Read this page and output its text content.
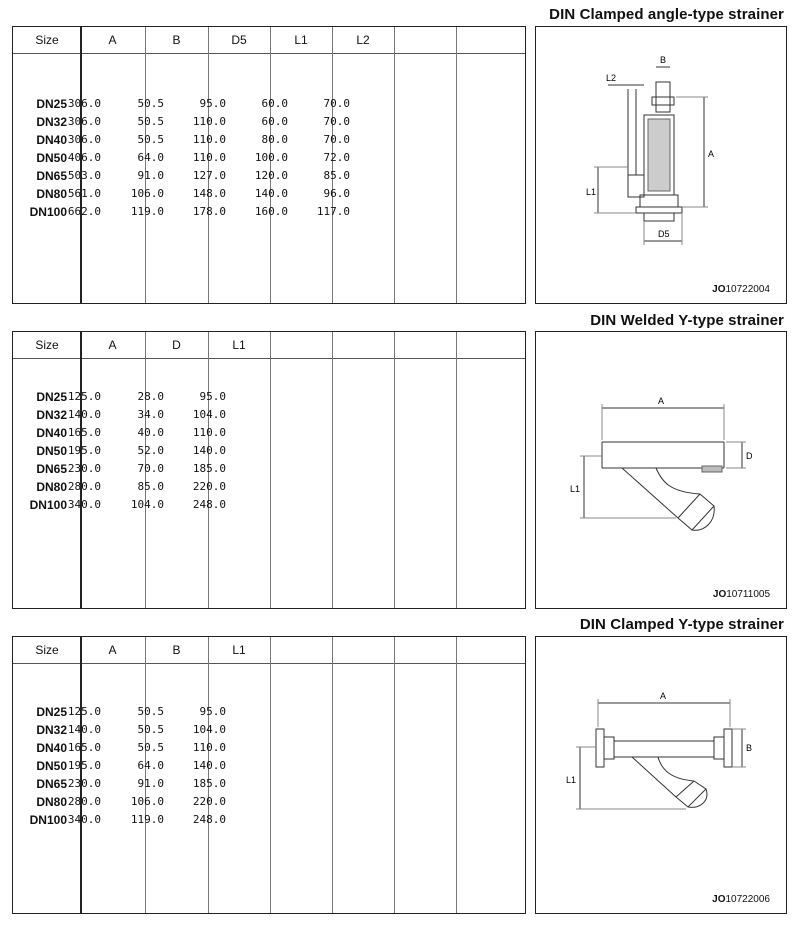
DIN Clamped angle-type strainer
Size	A	B	D5	L1	L2
DN25 306.0	50.5	95.0	60.0	70.0
DN32 306.0	50.5	110.0	60.0	70.0
DN40 306.0	50.5	110.0	80.0	70.0
DN50 406.0	64.0	110.0	100.0	72.0
DN65 503.0	91.0	127.0	120.0	85.0
DN80 561.0	106.0	148.0	140.0	96.0
DN100 662.0	119.0	178.0	160.0	117.0
B
L2
A
L1
D5
JO10722004
DIN Welded Y-type strainer
Size	A	D	L1
DN25 125.0	28.0	95.0
DN32 140.0	34.0	104.0
DN40 165.0	40.0	110.0
DN50 195.0	52.0	140.0
DN65 230.0	70.0	185.0
DN80 280.0	85.0	220.0
DN100 340.0	104.0	248.0
A
D
L1
JO10711005
DIN Clamped Y-type strainer
Size	A	B	L1
DN25 125.0	50.5	95.0
DN32 140.0	50.5	104.0
DN40 165.0	50.5	110.0
DN50 195.0	64.0	140.0
DN65 230.0	91.0	185.0
DN80 280.0	106.0	220.0
DN100 340.0	119.0	248.0
A
B
L1
JO10722006
